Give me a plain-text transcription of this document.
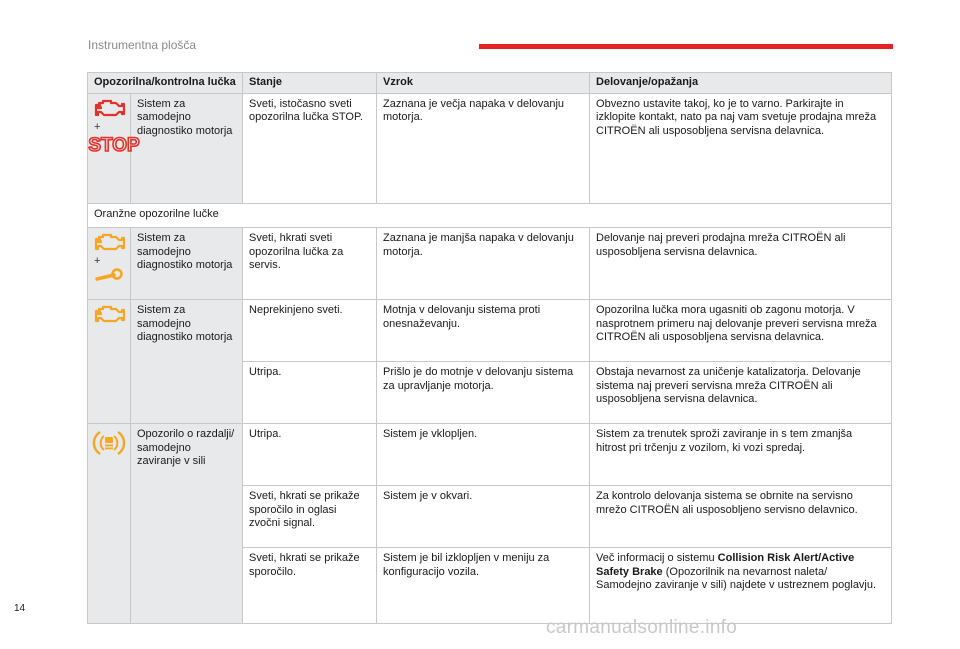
Instrumentna plošča
Opozorilna/kontrolna lučka		Stanje	Vzrok	Delovanje/opažanja

+
STOP	Sistem za samodejno diagnostiko motorja	Sveti, istočasno sveti opozorilna lučka STOP.	Zaznana je večja napaka v delovanju motorja.	Obvezno ustavite takoj, ko je to varno. Parkirajte in izklopite kontakt, nato pa naj vam svetuje prodajna mreža CITROËN ali usposobljena servisna delavnica.
Oranžne opozorilne lučke				

+	Sistem za samodejno diagnostiko motorja	Sveti, hkrati sveti opozorilna lučka za servis.	Zaznana je manjša napaka v delovanju motorja.	Delovanje naj preveri prodajna mreža CITROËN ali usposobljena servisna delavnica.

	Sistem za samodejno diagnostiko motorja	Neprekinjeno sveti.	Motnja v delovanju sistema proti onesnaževanju.	Opozorilna lučka mora ugasniti ob zagonu motorja. V nasprotnem primeru naj delovanje preveri servisna mreža CITROËN ali usposobljena servisna delavnica.
		Utripa.	Prišlo je do motnje v delovanju sistema za upravljanje motorja.	Obstaja nevarnost za uničenje katalizatorja. Delovanje sistema naj preveri servisna mreža CITROËN ali usposobljena servisna delavnica.

	Opozorilo o razdalji/ samodejno zaviranje v sili	Utripa.	Sistem je vklopljen.	Sistem za trenutek sproži zaviranje in s tem zmanjša hitrost pri trčenju z vozilom, ki vozi spredaj.
		Sveti, hkrati se prikaže sporočilo in oglasi zvočni signal.	Sistem je v okvari.	Za kontrolo delovanja sistema se obrnite na servisno mrežo CITROËN ali usposobljeno servisno delavnico.
		Sveti, hkrati se prikaže sporočilo.	Sistem je bil izklopljen v meniju za konfiguracijo vozila.	Več informacij o sistemu Collision Risk Alert/Active Safety Brake (Opozorilnik na nevarnost naleta/ Samodejno zaviranje v sili) najdete v ustreznem poglavju.
14
carmanualsonline.info
